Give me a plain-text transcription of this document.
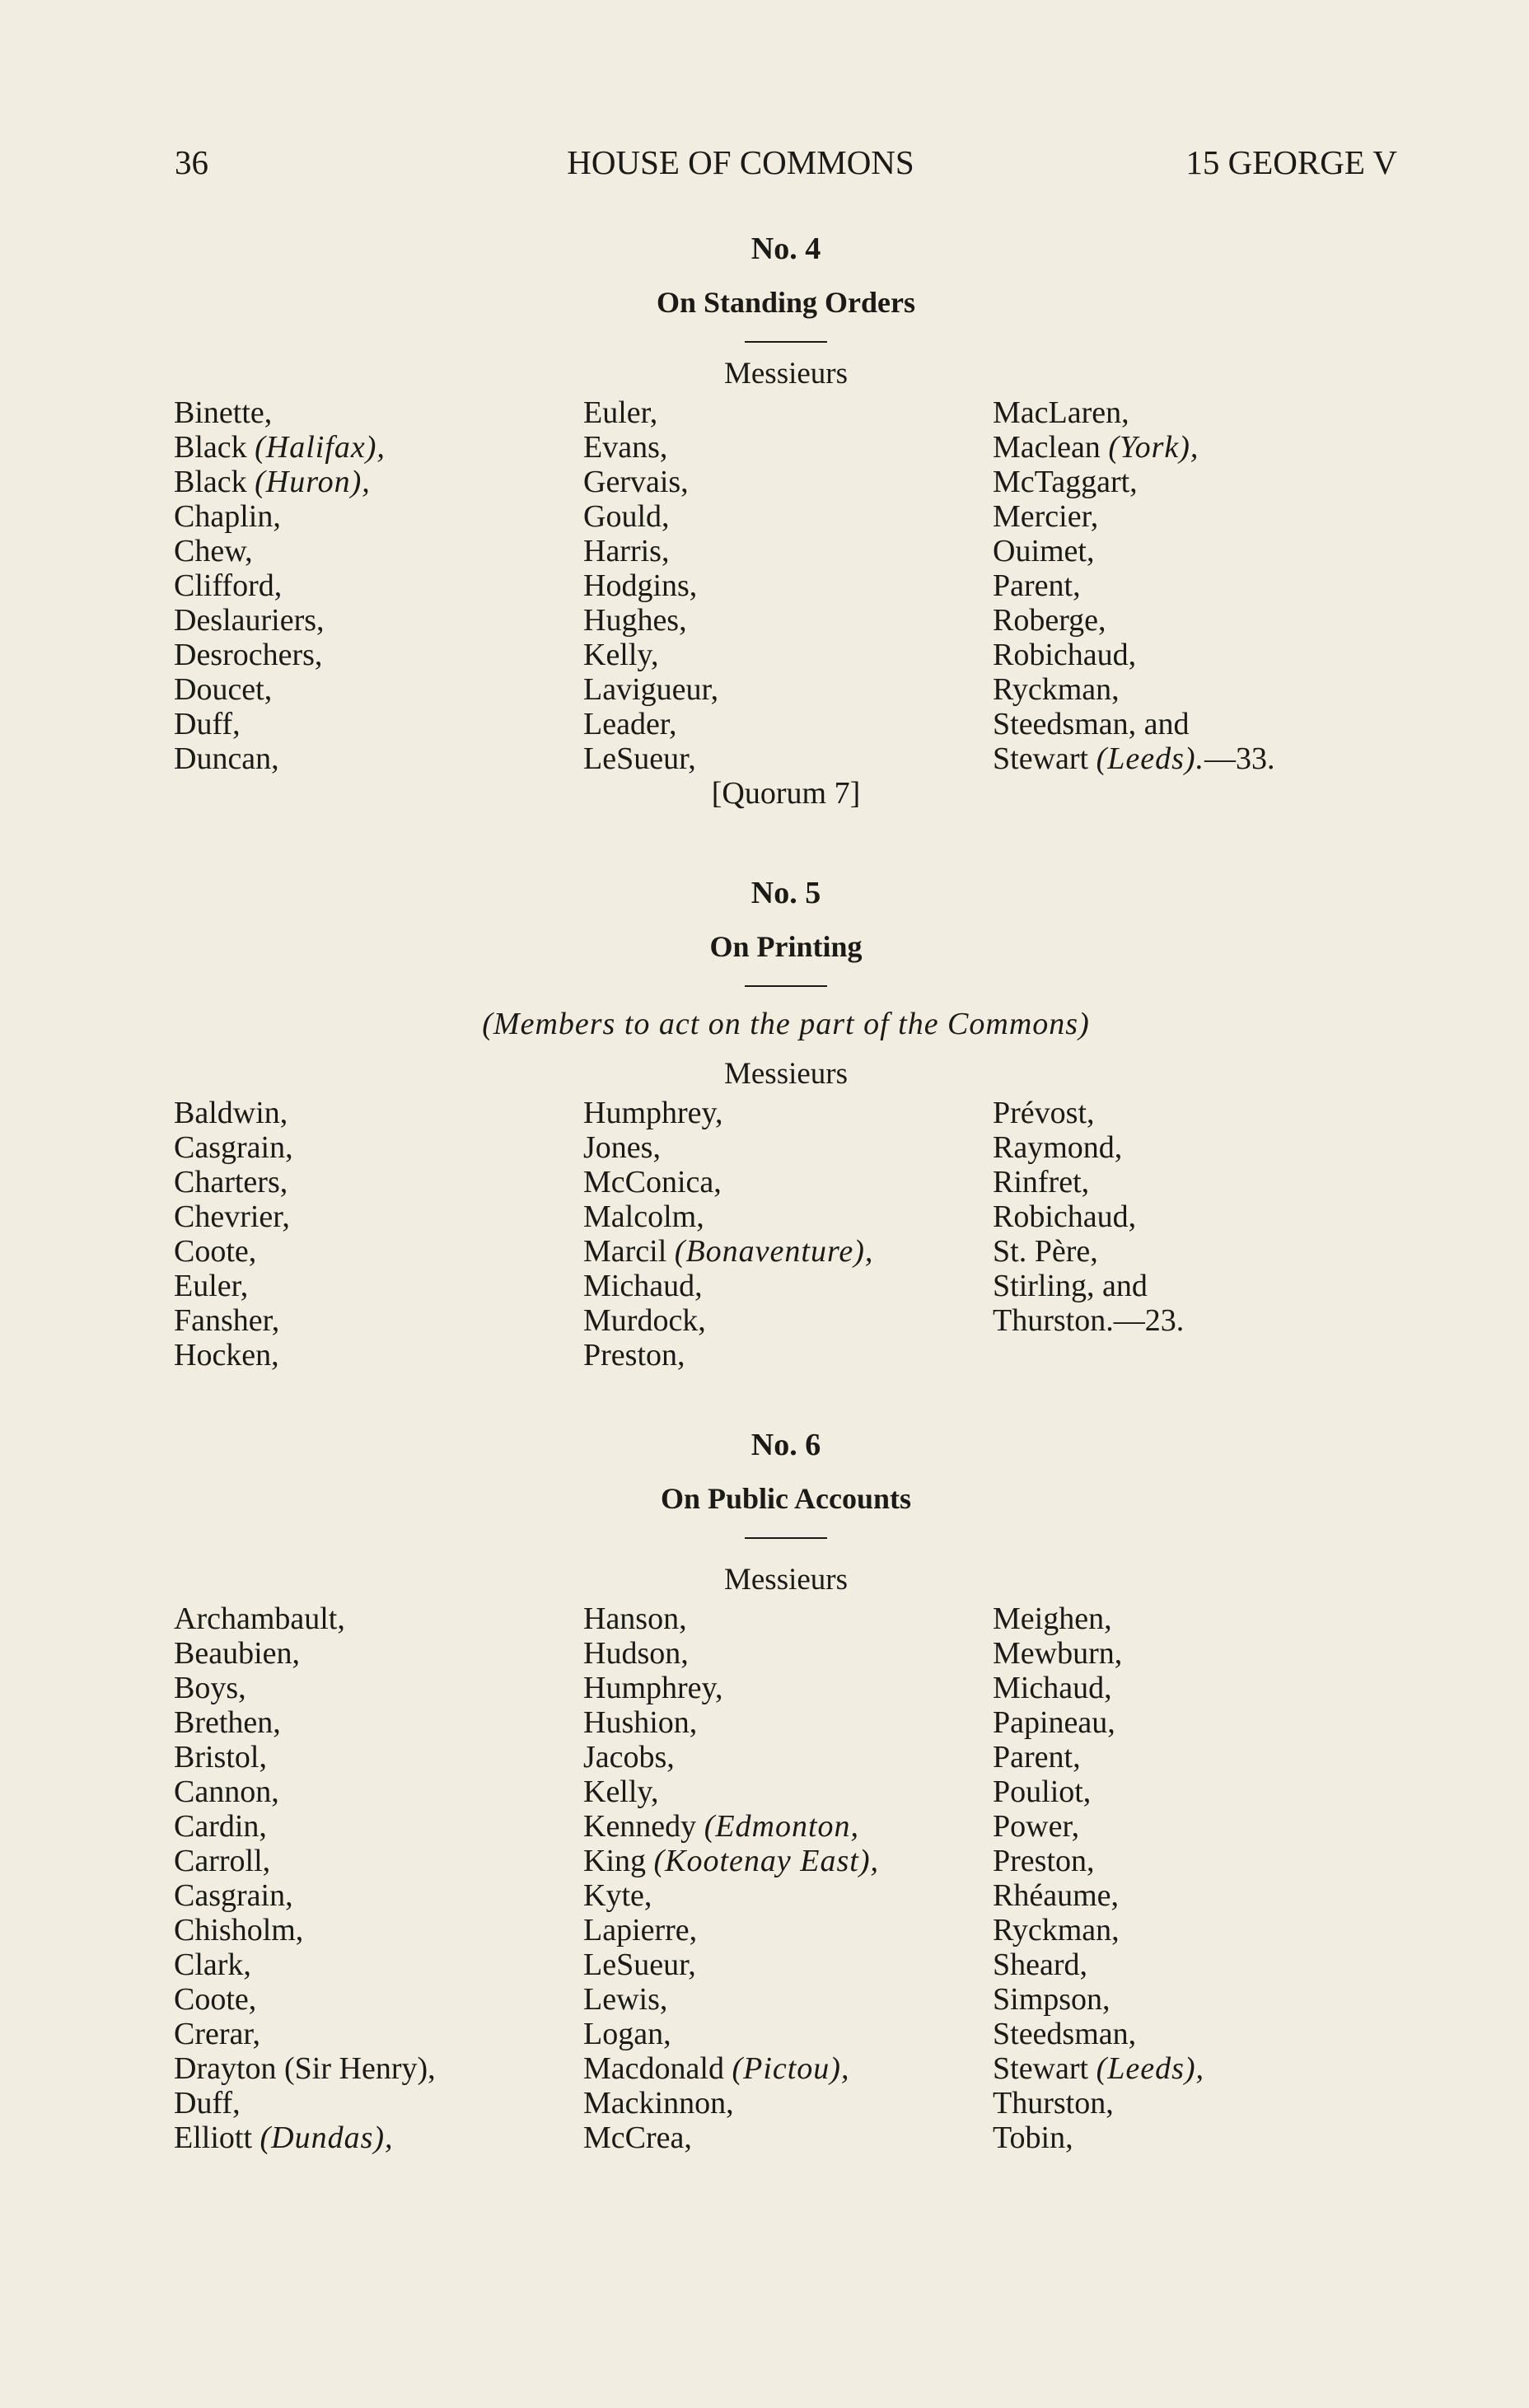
36	HOUSE OF COMMONS	15 GEORGE V
No. 4
On Standing Orders
Messieurs
Binette,
Black (Halifax),
Black (Huron),
Chaplin,
Chew,
Clifford,
Deslauriers,
Desrochers,
Doucet,
Duff,
Duncan,
Euler,
Evans,
Gervais,
Gould,
Harris,
Hodgins,
Hughes,
Kelly,
Lavigueur,
Leader,
LeSueur,
MacLaren,
Maclean (York),
McTaggart,
Mercier,
Ouimet,
Parent,
Roberge,
Robichaud,
Ryckman,
Steedsman, and
Stewart (Leeds).—33.
[Quorum 7]
No. 5
On Printing
(Members to act on the part of the Commons)
Messieurs
Baldwin,
Casgrain,
Charters,
Chevrier,
Coote,
Euler,
Fansher,
Hocken,
Humphrey,
Jones,
McConica,
Malcolm,
Marcil (Bonaventure),
Michaud,
Murdock,
Preston,
Prévost,
Raymond,
Rinfret,
Robichaud,
St. Père,
Stirling, and
Thurston.—23.
No. 6
On Public Accounts
Messieurs
Archambault,
Beaubien,
Boys,
Brethen,
Bristol,
Cannon,
Cardin,
Carroll,
Casgrain,
Chisholm,
Clark,
Coote,
Crerar,
Drayton (Sir Henry),
Duff,
Elliott (Dundas),
Hanson,
Hudson,
Humphrey,
Hushion,
Jacobs,
Kelly,
Kennedy (Edmonton,
King (Kootenay East),
Kyte,
Lapierre,
LeSueur,
Lewis,
Logan,
Macdonald (Pictou),
Mackinnon,
McCrea,
Meighen,
Mewburn,
Michaud,
Papineau,
Parent,
Pouliot,
Power,
Preston,
Rhéaume,
Ryckman,
Sheard,
Simpson,
Steedsman,
Stewart (Leeds),
Thurston,
Tobin,
